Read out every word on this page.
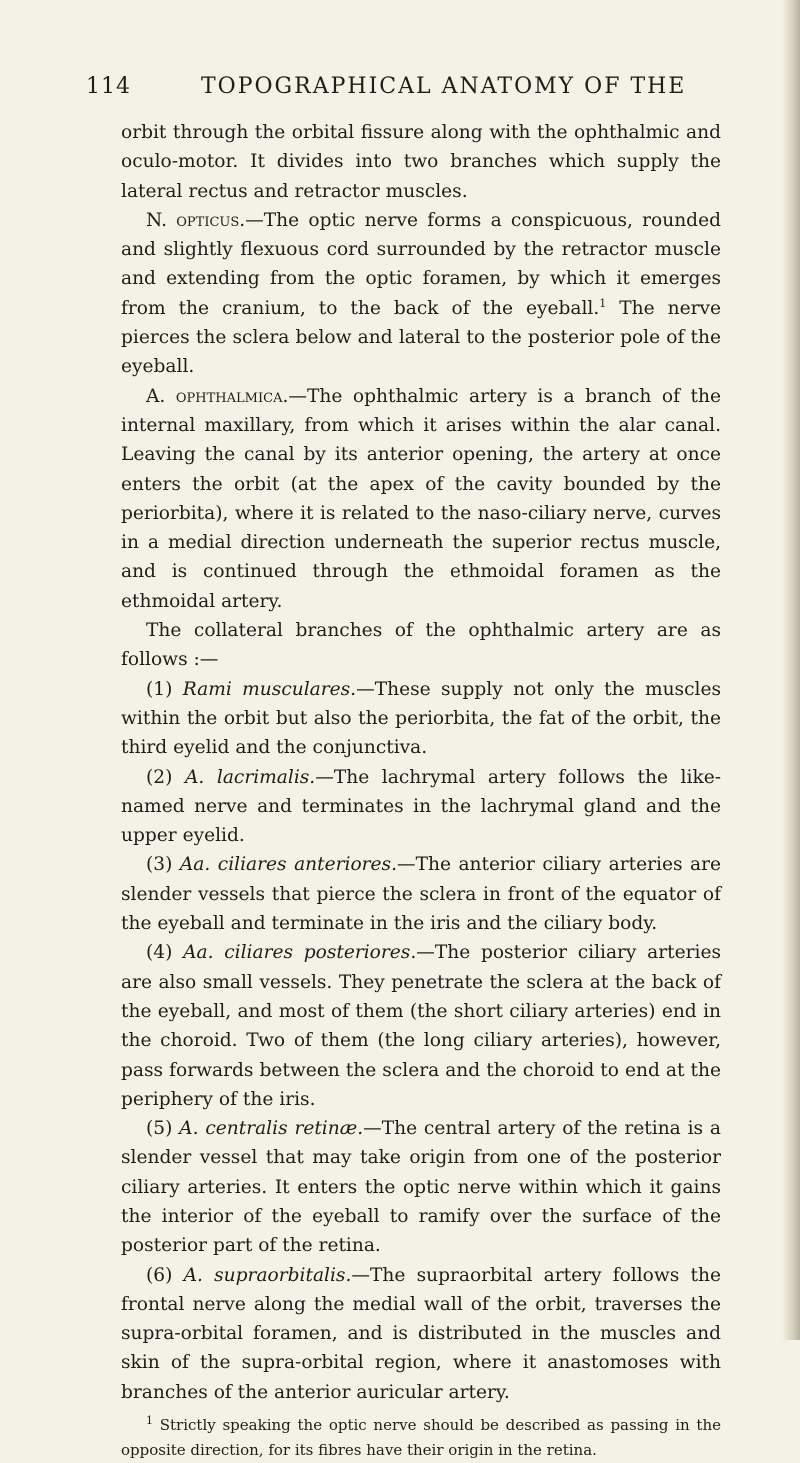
114	TOPOGRAPHICAL ANATOMY OF THE

orbit through the orbital fissure along with the ophthalmic and oculo-motor. It divides into two branches which supply the lateral rectus and retractor muscles.

N. opticus.—The optic nerve forms a conspicuous, rounded and slightly flexuous cord surrounded by the retractor muscle and extending from the optic foramen, by which it emerges from the cranium, to the back of the eyeball.$^1$ The nerve pierces the sclera below and lateral to the posterior pole of the eyeball.

A. ophthalmica.—The ophthalmic artery is a branch of the internal maxillary, from which it arises within the alar canal. Leaving the canal by its anterior opening, the artery at once enters the orbit (at the apex of the cavity bounded by the periorbita), where it is related to the naso-ciliary nerve, curves in a medial direction underneath the superior rectus muscle, and is continued through the ethmoidal foramen as the ethmoidal artery.

The collateral branches of the ophthalmic artery are as follows :—

(1) Rami musculares.—These supply not only the muscles within the orbit but also the periorbita, the fat of the orbit, the third eyelid and the conjunctiva.

(2) A. lacrimalis.—The lachrymal artery follows the like-named nerve and terminates in the lachrymal gland and the upper eyelid.

(3) Aa. ciliares anteriores.—The anterior ciliary arteries are slender vessels that pierce the sclera in front of the equator of the eyeball and terminate in the iris and the ciliary body.

(4) Aa. ciliares posteriores.—The posterior ciliary arteries are also small vessels. They penetrate the sclera at the back of the eyeball, and most of them (the short ciliary arteries) end in the choroid. Two of them (the long ciliary arteries), however, pass forwards between the sclera and the choroid to end at the periphery of the iris.

(5) A. centralis retinæ.—The central artery of the retina is a slender vessel that may take origin from one of the posterior ciliary arteries. It enters the optic nerve within which it gains the interior of the eyeball to ramify over the surface of the posterior part of the retina.

(6) A. supraorbitalis.—The supraorbital artery follows the frontal nerve along the medial wall of the orbit, traverses the supra-orbital foramen, and is distributed in the muscles and skin of the supra-orbital region, where it anastomoses with branches of the anterior auricular artery.

$^1$ Strictly speaking the optic nerve should be described as passing in the opposite direction, for its fibres have their origin in the retina.
